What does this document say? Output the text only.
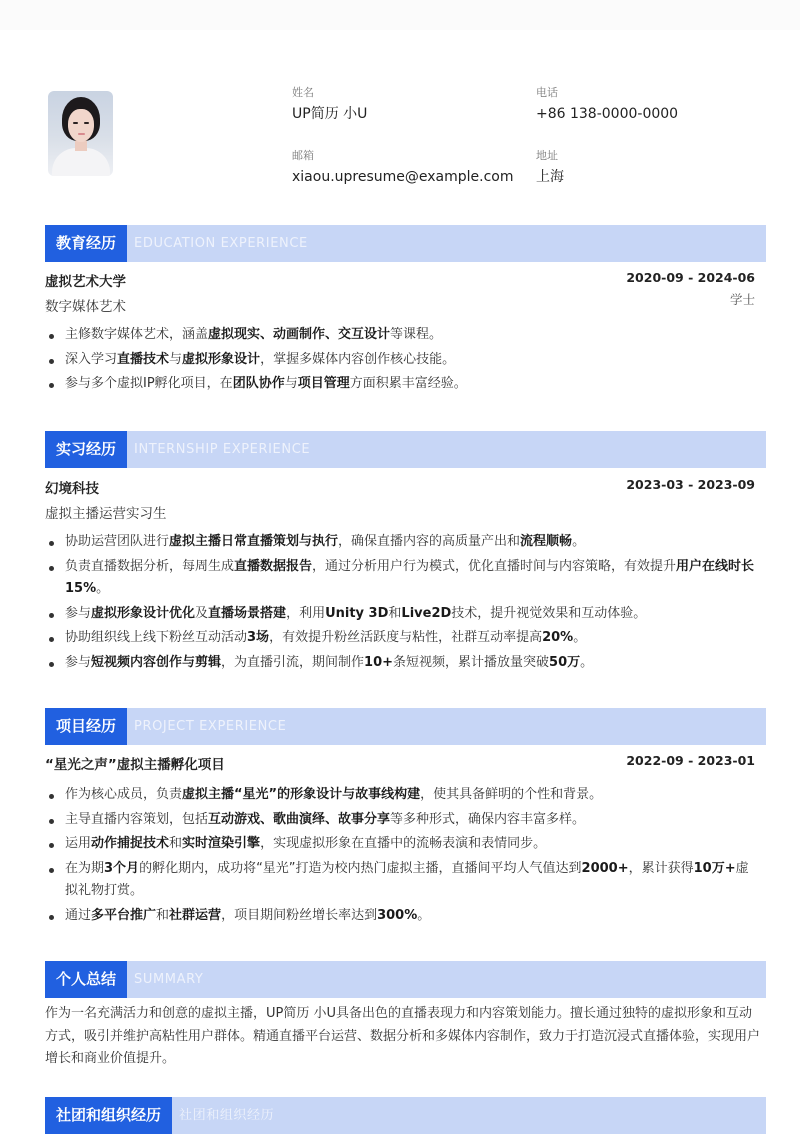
姓名
UP简历 小U
电话
+86 138-0000-0000
邮箱
xiaou.upresume@example.com
地址
上海
教育经历 EDUCATION EXPERIENCE
虚拟艺术大学	2020-09 - 2024-06
数字媒体艺术	学士
主修数字媒体艺术，涵盖虚拟现实、动画制作、交互设计等课程。
深入学习直播技术与虚拟形象设计，掌握多媒体内容创作核心技能。
参与多个虚拟IP孵化项目，在团队协作与项目管理方面积累丰富经验。
实习经历 INTERNSHIP EXPERIENCE
幻境科技	2023-03 - 2023-09
虚拟主播运营实习生
协助运营团队进行虚拟主播日常直播策划与执行，确保直播内容的高质量产出和流程顺畅。
负责直播数据分析，每周生成直播数据报告，通过分析用户行为模式，优化直播时间与内容策略，有效提升用户在线时长15%。
参与虚拟形象设计优化及直播场景搭建，利用Unity 3D和Live2D技术，提升视觉效果和互动体验。
协助组织线上线下粉丝互动活动3场，有效提升粉丝活跃度与粘性，社群互动率提高20%。
参与短视频内容创作与剪辑，为直播引流，期间制作10+条短视频，累计播放量突破50万。
项目经历 PROJECT EXPERIENCE
“星光之声”虚拟主播孵化项目	2022-09 - 2023-01
作为核心成员，负责虚拟主播“星光”的形象设计与故事线构建，使其具备鲜明的个性和背景。
主导直播内容策划，包括互动游戏、歌曲演绎、故事分享等多种形式，确保内容丰富多样。
运用动作捕捉技术和实时渲染引擎，实现虚拟形象在直播中的流畅表演和表情同步。
在为期3个月的孵化期内，成功将“星光”打造为校内热门虚拟主播，直播间平均人气值达到2000+，累计获得10万+虚拟礼物打赏。
通过多平台推广和社群运营，项目期间粉丝增长率达到300%。
个人总结 SUMMARY
作为一名充满活力和创意的虚拟主播，UP简历 小U具备出色的直播表现力和内容策划能力。擅长通过独特的虚拟形象和互动方式，吸引并维护高粘性用户群体。精通直播平台运营、数据分析和多媒体内容制作，致力于打造沉浸式直播体验，实现用户增长和商业价值提升。
社团和组织经历 社团和组织经历
